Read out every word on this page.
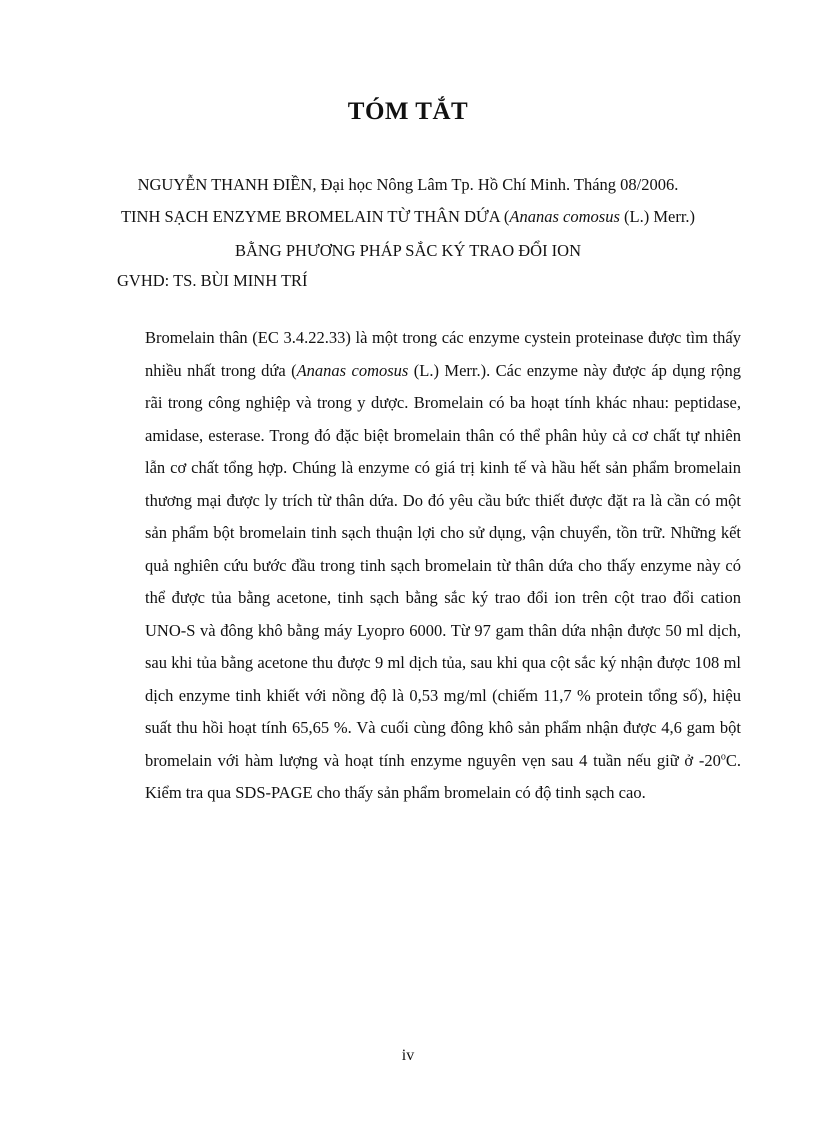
TÓM TẮT
NGUYỄN THANH ĐIỀN, Đại học Nông Lâm Tp. Hồ Chí Minh. Tháng 08/2006.
TINH SẠCH ENZYME BROMELAIN TỪ THÂN DỨA (Ananas comosus (L.) Merr.)
BẰNG PHƯƠNG PHÁP SẮC KÝ TRAO ĐỔI ION
GVHD: TS. BÙI MINH TRÍ

Bromelain thân (EC 3.4.22.33) là một trong các enzyme cystein proteinase được tìm thấy nhiều nhất trong dứa (Ananas comosus (L.) Merr.). Các enzyme này được áp dụng rộng rãi trong công nghiệp và trong y dược. Bromelain có ba hoạt tính khác nhau: peptidase, amidase, esterase. Trong đó đặc biệt bromelain thân có thể phân hủy cả cơ chất tự nhiên lẫn cơ chất tổng hợp. Chúng là enzyme có giá trị kinh tế và hầu hết sản phẩm bromelain thương mại được ly trích từ thân dứa. Do đó yêu cầu bức thiết được đặt ra là cần có một sản phẩm bột bromelain tinh sạch thuận lợi cho sử dụng, vận chuyển, tồn trữ. Những kết quả nghiên cứu bước đầu trong tinh sạch bromelain từ thân dứa cho thấy enzyme này có thể được tủa bằng acetone, tinh sạch bằng sắc ký trao đổi ion trên cột trao đổi cation UNO-S và đông khô bằng máy Lyopro 6000. Từ 97 gam thân dứa nhận được 50 ml dịch, sau khi tủa bằng acetone thu được 9 ml dịch tủa, sau khi qua cột sắc ký nhận được 108 ml dịch enzyme tinh khiết với nồng độ là 0,53 mg/ml (chiếm 11,7 % protein tổng số), hiệu suất thu hồi hoạt tính 65,65 %. Và cuối cùng đông khô sản phẩm nhận được 4,6 gam bột bromelain với hàm lượng và hoạt tính enzyme nguyên vẹn sau 4 tuần nếu giữ ở -20$^o$C. Kiểm tra qua SDS-PAGE cho thấy sản phẩm bromelain có độ tinh sạch cao.

iv
